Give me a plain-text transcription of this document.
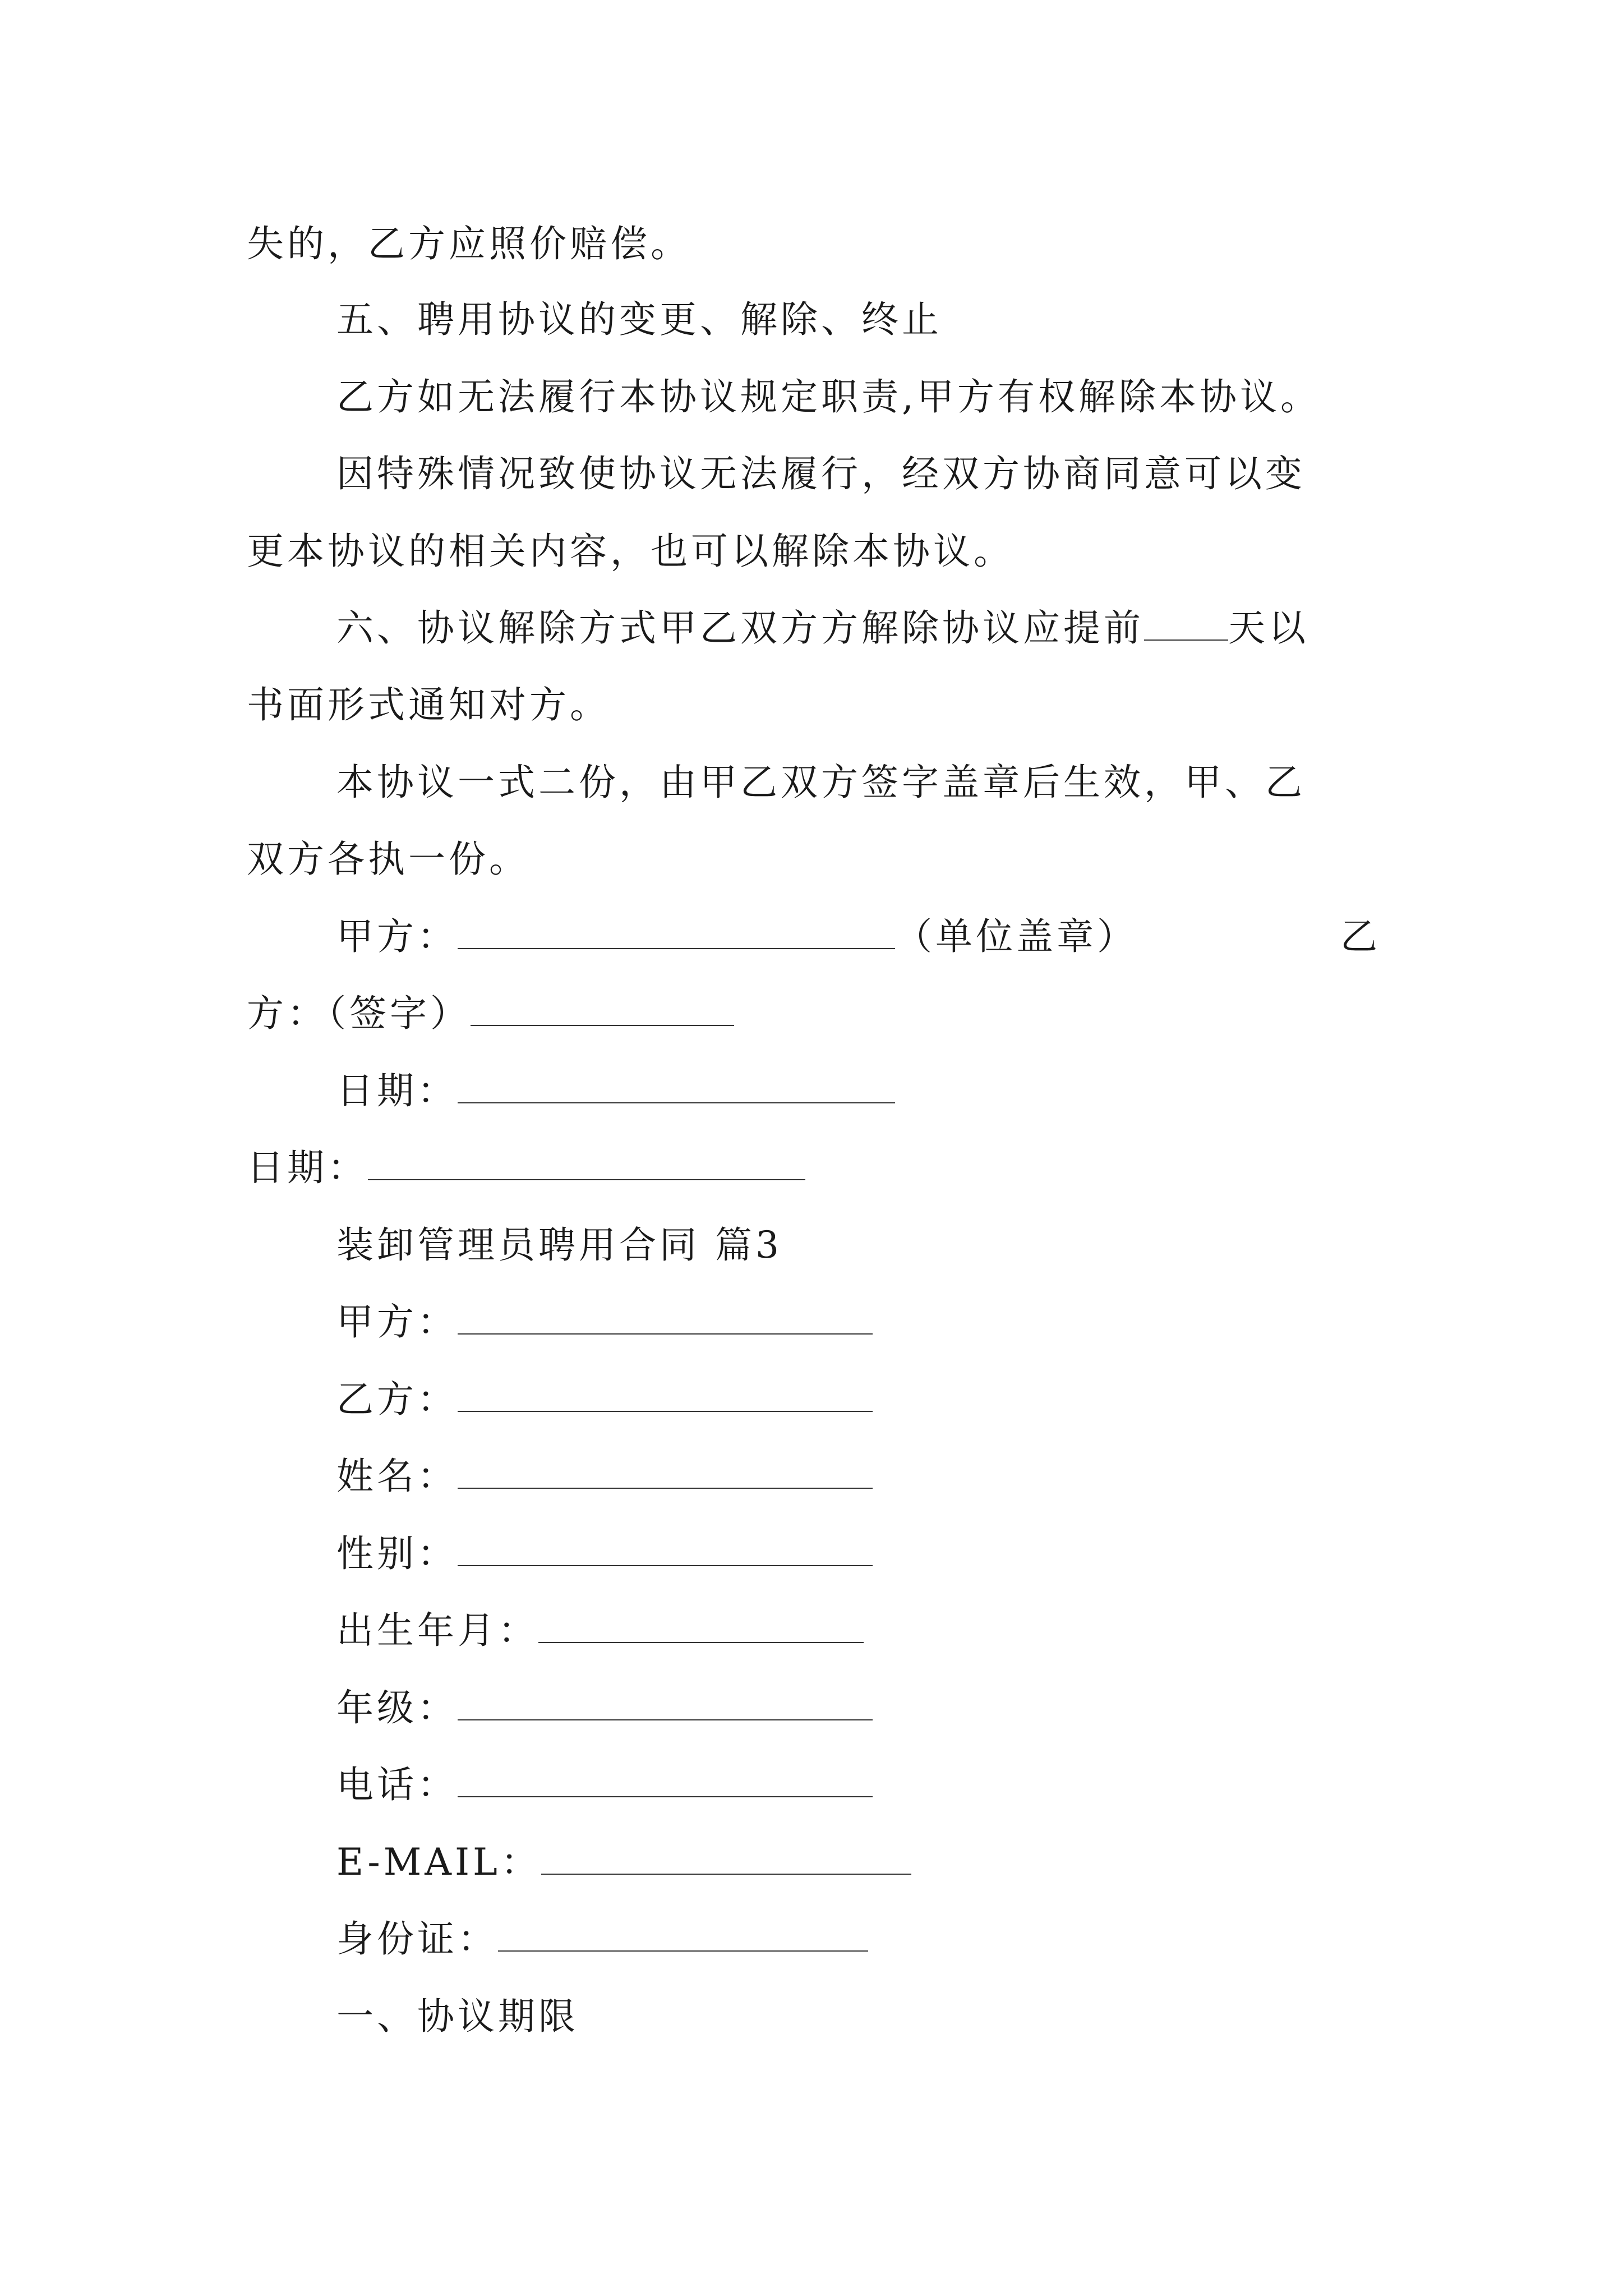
失的，乙方应照价赔偿。
五、聘用协议的变更、解除、终止
乙方如无法履行本协议规定职责,甲方有权解除本协议。
因特殊情况致使协议无法履行，经双方协商同意可以变
更本协议的相关内容，也可以解除本协议。
六、协议解除方式甲乙双方方解除协议应提前 天以
书面形式通知对方。
本协议一式二份，由甲乙双方签字盖章后生效，甲、乙
双方各执一份。
甲方：	（单位盖章）	乙
方：（签字）
日期：
日期：
装卸管理员聘用合同 篇3
甲方：
乙方：
姓名：
性别：
出生年月：
年级：
电话：
E-MAIL：
身份证：
一、协议期限
